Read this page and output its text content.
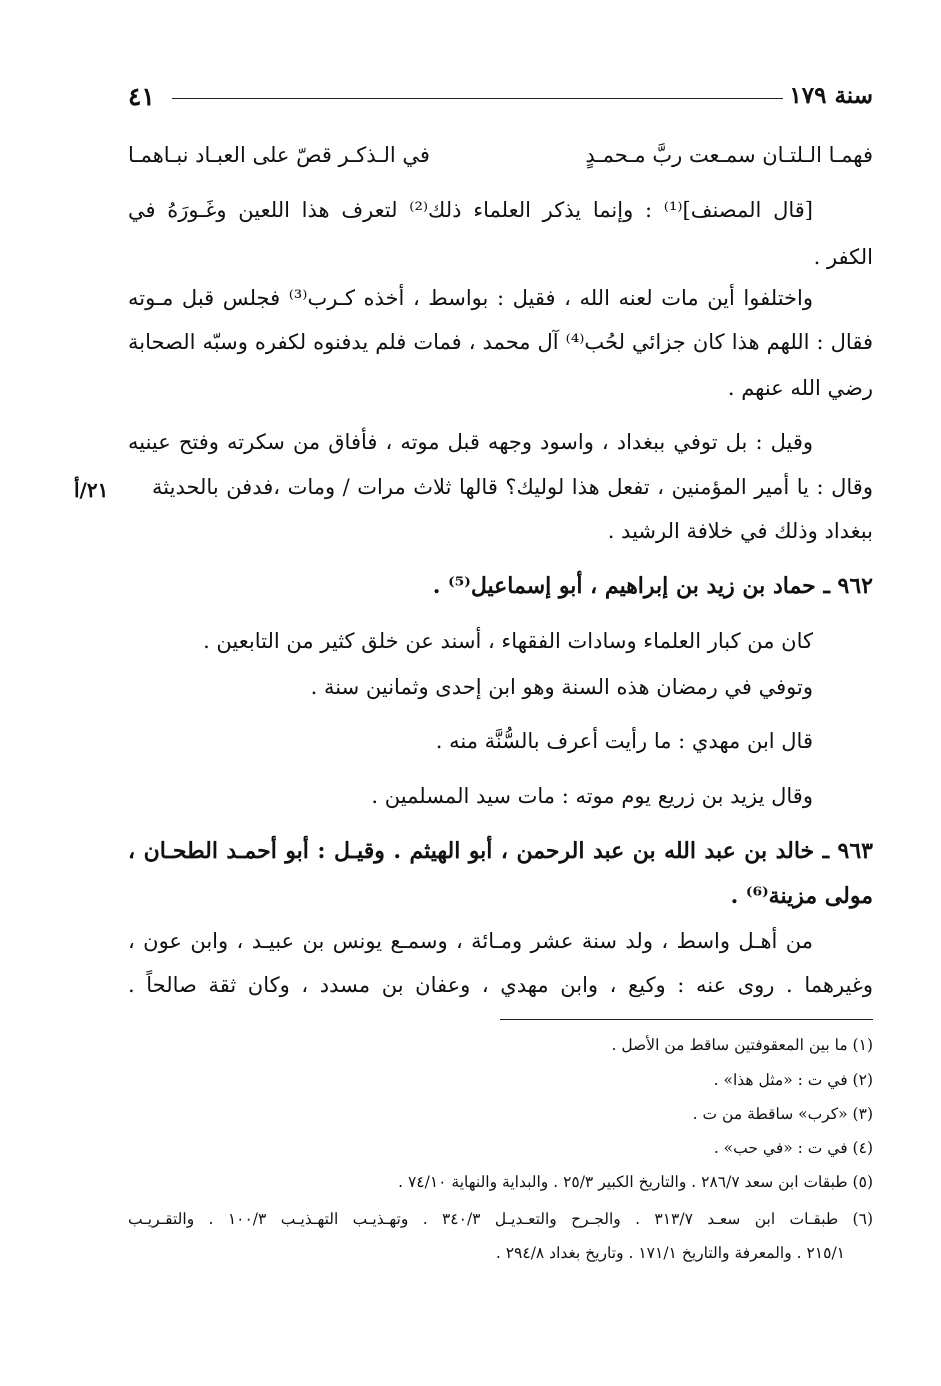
سنة ١٧٩
٤١
فهمـا الـلتـان سمـعت ربَّ مـحمـدٍ
في الـذكـر قصّ على العبـاد نبـاهمـا
[قال المصنف]⁽¹⁾ : وإنما يذكر العلماء ذلك⁽²⁾ لتعرف هذا اللعين وغَـورَهُ في
الكفر .
واختلفوا أين مات لعنه الله ، فقيل : بواسط ، أخذه كـرب⁽³⁾ فجلس قبل مـوته
فقال : اللهم هذا كان جزائي لحُب⁽⁴⁾ آل محمد ، فمات فلم يدفنوه لكفره وسبّه الصحابة
رضي الله عنهم .
وقيل : بل توفي ببغداد ، واسود وجهه قبل موته ، فأفاق من سكرته وفتح عينيه
وقال : يا أمير المؤمنين ، تفعل هذا لوليك؟ قالها ثلاث مرات / ومات ،فدفن بالحديثة
٢١/أ
ببغداد وذلك في خلافة الرشيد .
٩٦٢ ـ حماد بن زيد بن إبراهيم ، أبو إسماعيل⁽⁵⁾ .
كان من كبار العلماء وسادات الفقهاء ، أسند عن خلق كثير من التابعين .
وتوفي في رمضان هذه السنة وهو ابن إحدى وثمانين سنة .
قال ابن مهدي : ما رأيت أعرف بالسُّنَّة منه .
وقال يزيد بن زريع يوم موته : مات سيد المسلمين .
٩٦٣ ـ خالد بن عبد الله بن عبد الرحمن ، أبو الهيثم . وقيـل : أبو أحمـد الطحـان ،
مولى مزينة⁽⁶⁾ .
من أهـل واسط ، ولد سنة عشر ومـائة ، وسمـع يونس بن عبيـد ، وابن عون ،
وغيرهما . روى عنه : وكيع ، وابن مهدي ، وعفان بن مسدد ، وكان ثقة صالحاً .
(١) ما بين المعقوفتين ساقط من الأصل .
(٢) في ت : «مثل هذا» .
(٣) «كرب» ساقطة من ت .
(٤) في ت : «في حب» .
(٥) طبقات ابن سعد ٢٨٦/٧ . والتاريخ الكبير ٢٥/٣ . والبداية والنهاية ٧٤/١٠ .
(٦) طبقـات ابن سعـد ٣١٣/٧ . والجـرح والتعـديـل ٣٤٠/٣ . وتهـذيـب التهـذيـب ١٠٠/٣ . والتقـريـب
٢١٥/١ . والمعرفة والتاريخ ١٧١/١ . وتاريخ بغداد ٢٩٤/٨ .
